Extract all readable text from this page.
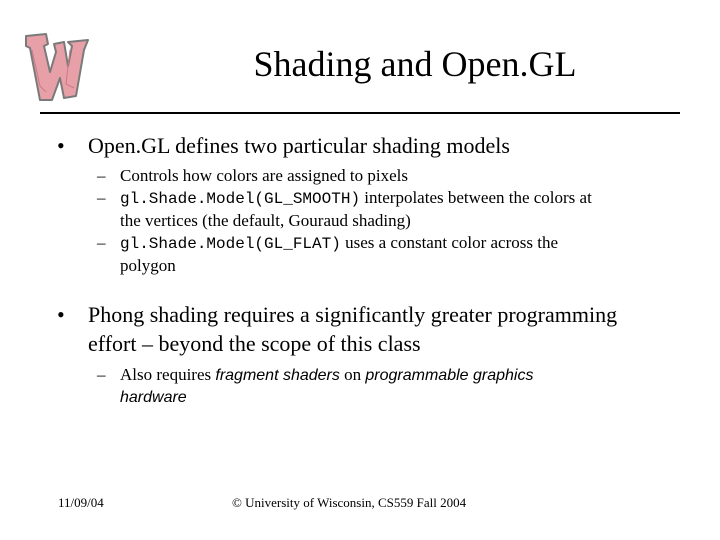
Shading and Open.GL
• Open.GL defines two particular shading models
– Controls how colors are assigned to pixels
– gl.Shade.Model(GL_SMOOTH) interpolates between the colors at
the vertices (the default, Gouraud shading)
– gl.Shade.Model(GL_FLAT) uses a constant color across the
polygon
• Phong shading requires a significantly greater programming
effort – beyond the scope of this class
– Also requires fragment shaders on programmable graphics
hardware
11/09/04	© University of Wisconsin, CS559 Fall 2004
